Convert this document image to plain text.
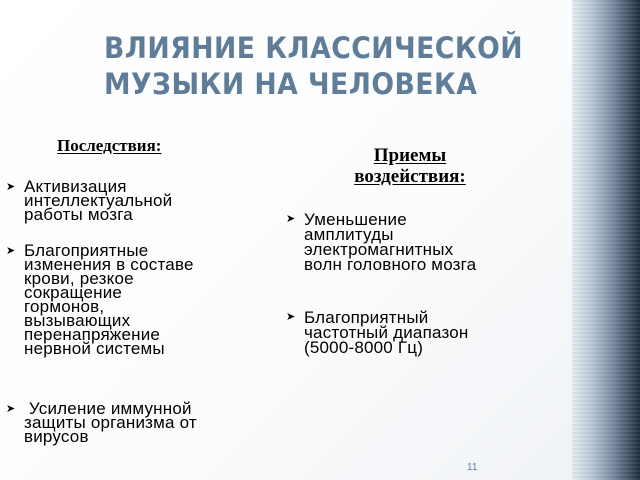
ВЛИЯНИЕ КЛАССИЧЕСКОЙ
МУЗЫКИ НА ЧЕЛОВЕКА
Последствия:
➤ Активизация
интеллектуальной
работы мозга
➤ Благоприятные
изменения в составе
крови, резкое
сокращение
гормонов,
вызывающих
перенапряжение
нервной системы
➤ Усиление иммунной
защиты организма от
вирусов
Приемы
воздействия:
➤ Уменьшение
амплитуды
электромагнитных
волн головного мозга
➤ Благоприятный
частотный диапазон
(5000-8000 Гц)
11
